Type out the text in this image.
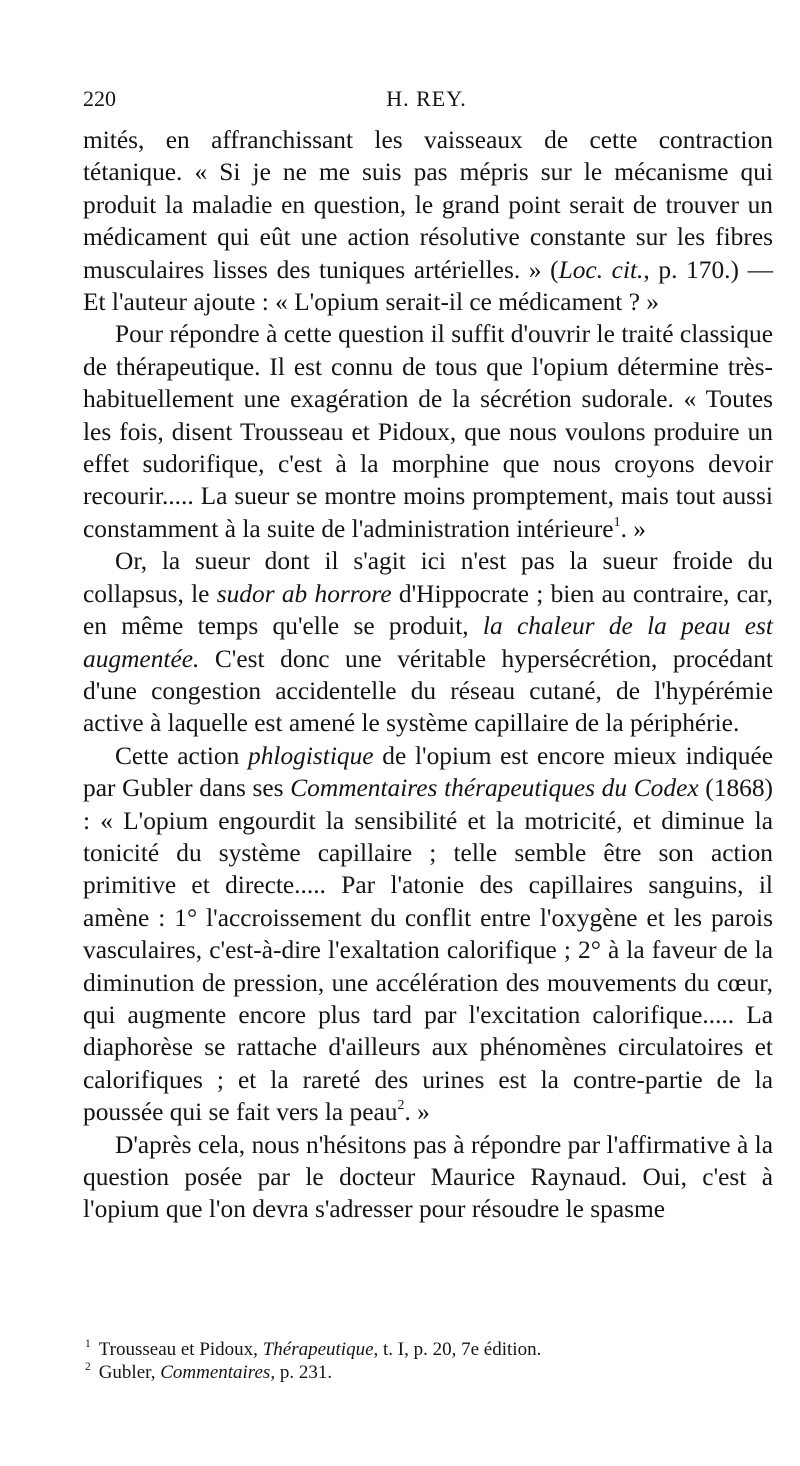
220	H. REY.

mités, en affranchissant les vaisseaux de cette contraction tétanique. « Si je ne me suis pas mépris sur le mécanisme qui produit la maladie en question, le grand point serait de trouver un médicament qui eût une action résolutive constante sur les fibres musculaires lisses des tuniques artérielles. » (Loc. cit., p. 170.) — Et l'auteur ajoute : « L'opium serait-il ce médicament ? »

Pour répondre à cette question il suffit d'ouvrir le traité classique de thérapeutique. Il est connu de tous que l'opium détermine très-habituellement une exagération de la sécrétion sudorale. « Toutes les fois, disent Trousseau et Pidoux, que nous voulons produire un effet sudorifique, c'est à la morphine que nous croyons devoir recourir..... La sueur se montre moins promptement, mais tout aussi constamment à la suite de l'administration intérieure$^1$. »

Or, la sueur dont il s'agit ici n'est pas la sueur froide du collapsus, le sudor ab horrore d'Hippocrate ; bien au contraire, car, en même temps qu'elle se produit, la chaleur de la peau est augmentée. C'est donc une véritable hypersécrétion, procédant d'une congestion accidentelle du réseau cutané, de l'hypérémie active à laquelle est amené le système capillaire de la périphérie.

Cette action phlogistique de l'opium est encore mieux indiquée par Gubler dans ses Commentaires thérapeutiques du Codex (1868) : « L'opium engourdit la sensibilité et la motricité, et diminue la tonicité du système capillaire ; telle semble être son action primitive et directe..... Par l'atonie des capillaires sanguins, il amène : 1° l'accroissement du conflit entre l'oxygène et les parois vasculaires, c'est-à-dire l'exaltation calorifique ; 2° à la faveur de la diminution de pression, une accélération des mouvements du cœur, qui augmente encore plus tard par l'excitation calorifique..... La diaphorèse se rattache d'ailleurs aux phénomènes circulatoires et calorifiques ; et la rareté des urines est la contre-partie de la poussée qui se fait vers la peau$^2$. »

D'après cela, nous n'hésitons pas à répondre par l'affirmative à la question posée par le docteur Maurice Raynaud. Oui, c'est à l'opium que l'on devra s'adresser pour résoudre le spasme

$^1$ Trousseau et Pidoux, Thérapeutique, t. I, p. 20, 7e édition.

$^2$ Gubler, Commentaires, p. 231.
